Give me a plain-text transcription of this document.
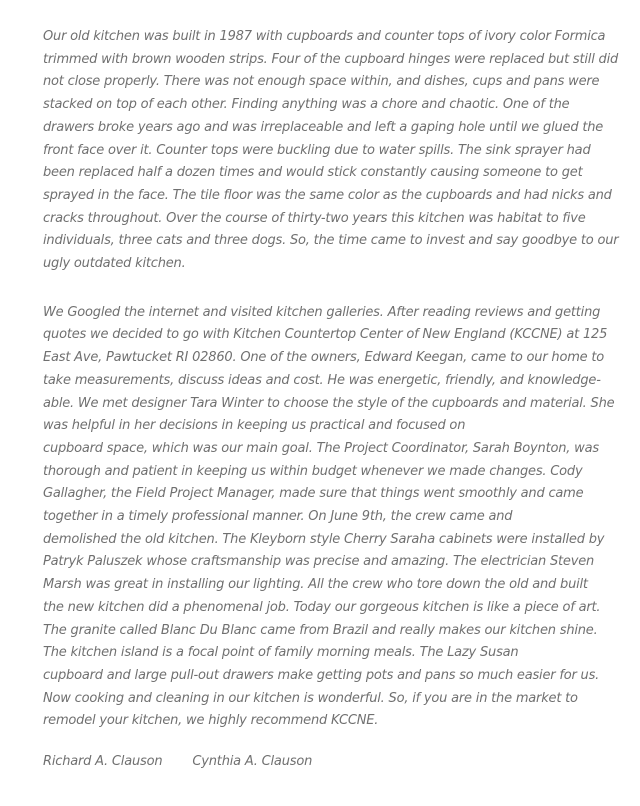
Our old kitchen was built in 1987 with cupboards and counter tops of ivory color Formica
trimmed with brown wooden strips. Four of the cupboard hinges were replaced but still did
not close properly. There was not enough space within, and dishes, cups and pans were
stacked on top of each other. Finding anything was a chore and chaotic. One of the
drawers broke years ago and was irreplaceable and left a gaping hole until we glued the
front face over it. Counter tops were buckling due to water spills. The sink sprayer had
been replaced half a dozen times and would stick constantly causing someone to get
sprayed in the face. The tile floor was the same color as the cupboards and had nicks and
cracks throughout. Over the course of thirty-two years this kitchen was habitat to five
individuals, three cats and three dogs. So, the time came to invest and say goodbye to our
ugly outdated kitchen.
We Googled the internet and visited kitchen galleries. After reading reviews and getting
quotes we decided to go with Kitchen Countertop Center of New England (KCCNE) at 125
East Ave, Pawtucket RI 02860. One of the owners, Edward Keegan, came to our home to
take measurements, discuss ideas and cost. He was energetic, friendly, and knowledge-
able. We met designer Tara Winter to choose the style of the cupboards and material. She
was helpful in her decisions in keeping us practical and focused on
cupboard space, which was our main goal. The Project Coordinator, Sarah Boynton, was
thorough and patient in keeping us within budget whenever we made changes. Cody
Gallagher, the Field Project Manager, made sure that things went smoothly and came
together in a timely professional manner. On June 9th, the crew came and
demolished the old kitchen. The Kleyborn style Cherry Saraha cabinets were installed by
Patryk Paluszek whose craftsmanship was precise and amazing. The electrician Steven
Marsh was great in installing our lighting. All the crew who tore down the old and built
the new kitchen did a phenomenal job. Today our gorgeous kitchen is like a piece of art.
The granite called Blanc Du Blanc came from Brazil and really makes our kitchen shine.
The kitchen island is a focal point of family morning meals. The Lazy Susan
cupboard and large pull-out drawers make getting pots and pans so much easier for us.
Now cooking and cleaning in our kitchen is wonderful. So, if you are in the market to
remodel your kitchen, we highly recommend KCCNE.
Richard A. Clauson Cynthia A. Clauson
